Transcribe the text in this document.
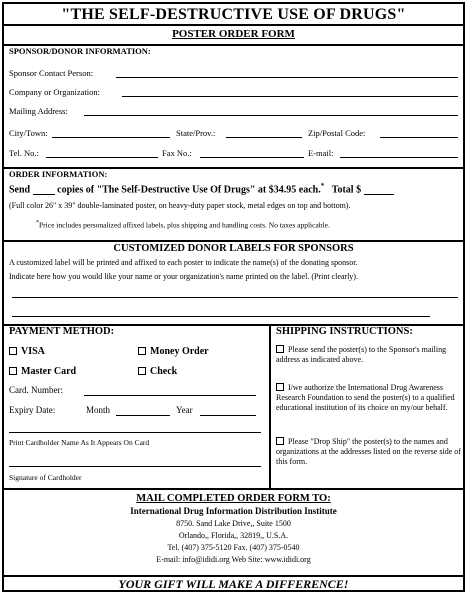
"THE SELF-DESTRUCTIVE USE OF DRUGS"
POSTER ORDER FORM
SPONSOR/DONOR INFORMATION:
Sponsor Contact Person:
Company or Organization:
Mailing Address:
City/Town:	State/Prov.:	Zip/Postal Code:
Tel. No.:	Fax No.:	E-mail:
ORDER INFORMATION:
Send	copies of "The Self-Destructive Use Of Drugs" at $34.95 each.* Total $
(Full color 26" x 39" double-laminated poster, on heavy-duty paper stock, metal edges on top and bottom).
*Price includes personalized affixed labels, plus shipping and handling costs. No taxes applicable.
CUSTOMIZED DONOR LABELS FOR SPONSORS
A customized label will be printed and affixed to each poster to indicate the name(s) of the donating sponsor.
Indicate here how you would like your name or your organization's name printed on the label. (Print clearly).
PAYMENT METHOD:
VISA	Money Order
Master Card	Check
Card. Number:
Expiry Date:	Month	Year
Print Cardholder Name As It Appears On Card
Signature of Cardholder
SHIPPING INSTRUCTIONS:
Please send the poster(s) to the Sponsor's mailing address as indicated above.
I/we authorize the International Drug Awareness Research Foundation to send the poster(s) to a qualified educational institution of its choice on my/our behalf.
Please "Drop Ship" the poster(s) to the names and organizations at the addresses listed on the reverse side of this form.
MAIL COMPLETED ORDER FORM TO:
International Drug Information Distribution Institute
8750. Sand Lake Drive,, Suite 1500
Orlando,, Florida,, 32819,, U.S.A.
Tel. (407) 375-5120 Fax. (407) 375-0540
E-mail: info@ididi.org Web Site: www.ididi.org
YOUR GIFT WILL MAKE A DIFFERENCE!
